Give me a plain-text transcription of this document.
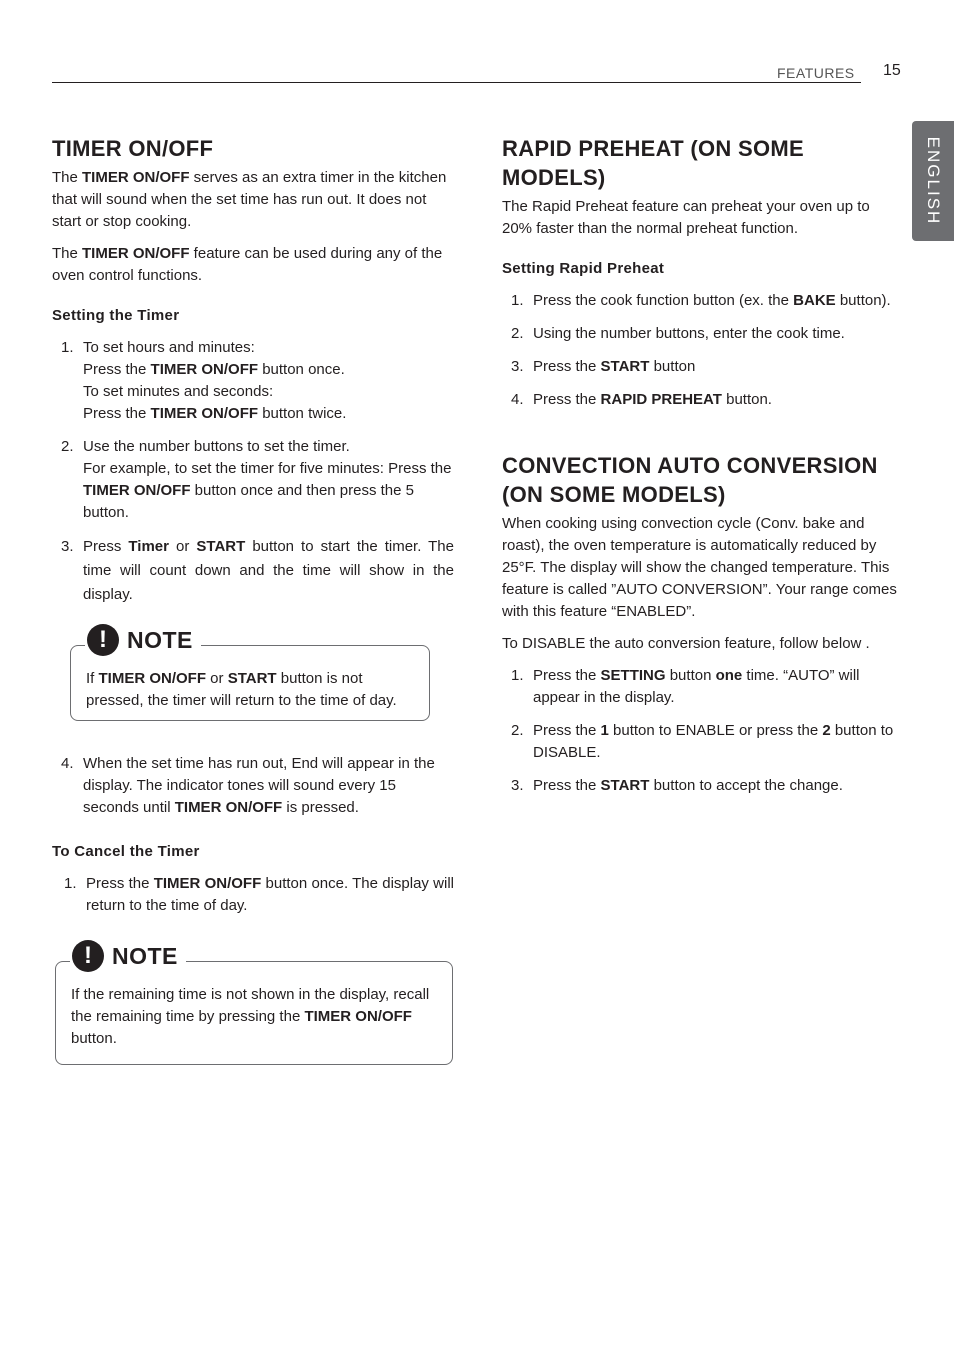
FEATURES 15
ENGLISH
TIMER ON/OFF

The TIMER ON/OFF serves as an extra timer in the kitchen that will sound when the set time has run out. It does not start or stop cooking.

The TIMER ON/OFF feature can be used during any of the oven control functions.

Setting the Timer
1. To set hours and minutes:
Press the TIMER ON/OFF button once.
To set minutes and seconds:
Press the TIMER ON/OFF button twice.
2. Use the number buttons to set the timer.
For example, to set the timer for five minutes: Press the TIMER ON/OFF button once and then press the 5 button.
3. Press Timer or START button to start the timer. The time will count down and the time will show in the display.
! NOTE

If TIMER ON/OFF or START button is not pressed, the timer will return to the time of day.

4. When the set time has run out, End will appear in the display. The indicator tones will sound every 15 seconds until TIMER ON/OFF is pressed.
To Cancel the Timer
1. Press the TIMER ON/OFF button once. The display will return to the time of day.
! NOTE

If the remaining time is not shown in the display, recall the remaining time by pressing the TIMER ON/OFF button.

RAPID PREHEAT (ON SOME MODELS)

The Rapid Preheat feature can preheat your oven up to 20% faster than the normal preheat function.

Setting Rapid Preheat
1. Press the cook function button (ex. the BAKE button).
2. Using the number buttons, enter the cook time.
3. Press the START button
4. Press the RAPID PREHEAT button.
CONVECTION AUTO CONVERSION (ON SOME MODELS)

When cooking using convection cycle (Conv. bake and roast), the oven temperature is automatically reduced by 25°F. The display will show the changed temperature. This feature is called ”AUTO CONVERSION”. Your range comes with this feature “ENABLED”.

To DISABLE the auto conversion feature, follow below .

1. Press the SETTING button one time. “AUTO” will appear in the display.
2. Press the 1 button to ENABLE or press the 2 button to DISABLE.
3. Press the START button to accept the change.
